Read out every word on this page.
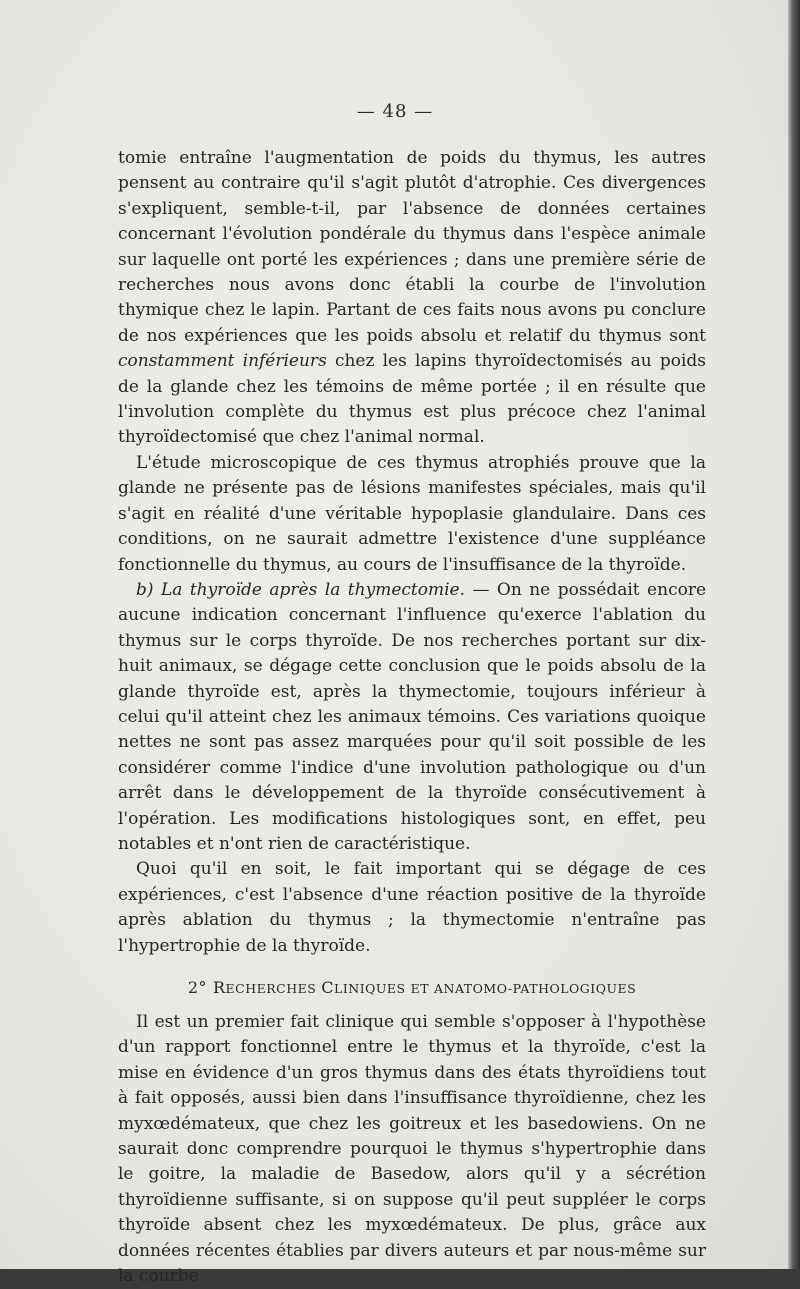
— 48 —

tomie entraîne l'augmentation de poids du thymus, les autres pensent au contraire qu'il s'agit plutôt d'atrophie. Ces divergences s'expliquent, semble-t-il, par l'absence de données certaines concernant l'évolution pondérale du thymus dans l'espèce animale sur laquelle ont porté les expériences ; dans une première série de recherches nous avons donc établi la courbe de l'involution thymique chez le lapin. Partant de ces faits nous avons pu conclure de nos expériences que les poids absolu et relatif du thymus sont constamment inférieurs chez les lapins thyroïdectomisés au poids de la glande chez les témoins de même portée ; il en résulte que l'involution complète du thymus est plus précoce chez l'animal thyroïdectomisé que chez l'animal normal.

L'étude microscopique de ces thymus atrophiés prouve que la glande ne présente pas de lésions manifestes spéciales, mais qu'il s'agit en réalité d'une véritable hypoplasie glandulaire. Dans ces conditions, on ne saurait admettre l'existence d'une suppléance fonctionnelle du thymus, au cours de l'insuffisance de la thyroïde.

b) La thyroïde après la thymectomie. — On ne possédait encore aucune indication concernant l'influence qu'exerce l'ablation du thymus sur le corps thyroïde. De nos recherches portant sur dix-huit animaux, se dégage cette conclusion que le poids absolu de la glande thyroïde est, après la thymectomie, toujours inférieur à celui qu'il atteint chez les animaux témoins. Ces variations quoique nettes ne sont pas assez marquées pour qu'il soit possible de les considérer comme l'indice d'une involution pathologique ou d'un arrêt dans le développement de la thyroïde consécutivement à l'opération. Les modifications histologiques sont, en effet, peu notables et n'ont rien de caractéristique.

Quoi qu'il en soit, le fait important qui se dégage de ces expériences, c'est l'absence d'une réaction positive de la thyroïde après ablation du thymus ; la thymectomie n'entraîne pas l'hypertrophie de la thyroïde.

2° RECHERCHES CLINIQUES ET ANATOMO-PATHOLOGIQUES

Il est un premier fait clinique qui semble s'opposer à l'hypothèse d'un rapport fonctionnel entre le thymus et la thyroïde, c'est la mise en évidence d'un gros thymus dans des états thyroïdiens tout à fait opposés, aussi bien dans l'insuffisance thyroïdienne, chez les myxœdémateux, que chez les goitreux et les basedowiens. On ne saurait donc comprendre pourquoi le thymus s'hypertrophie dans le goitre, la maladie de Basedow, alors qu'il y a sécrétion thyroïdienne suffisante, si on suppose qu'il peut suppléer le corps thyroïde absent chez les myxœdémateux. De plus, grâce aux données récentes établies par divers auteurs et par nous-même sur la courbe
